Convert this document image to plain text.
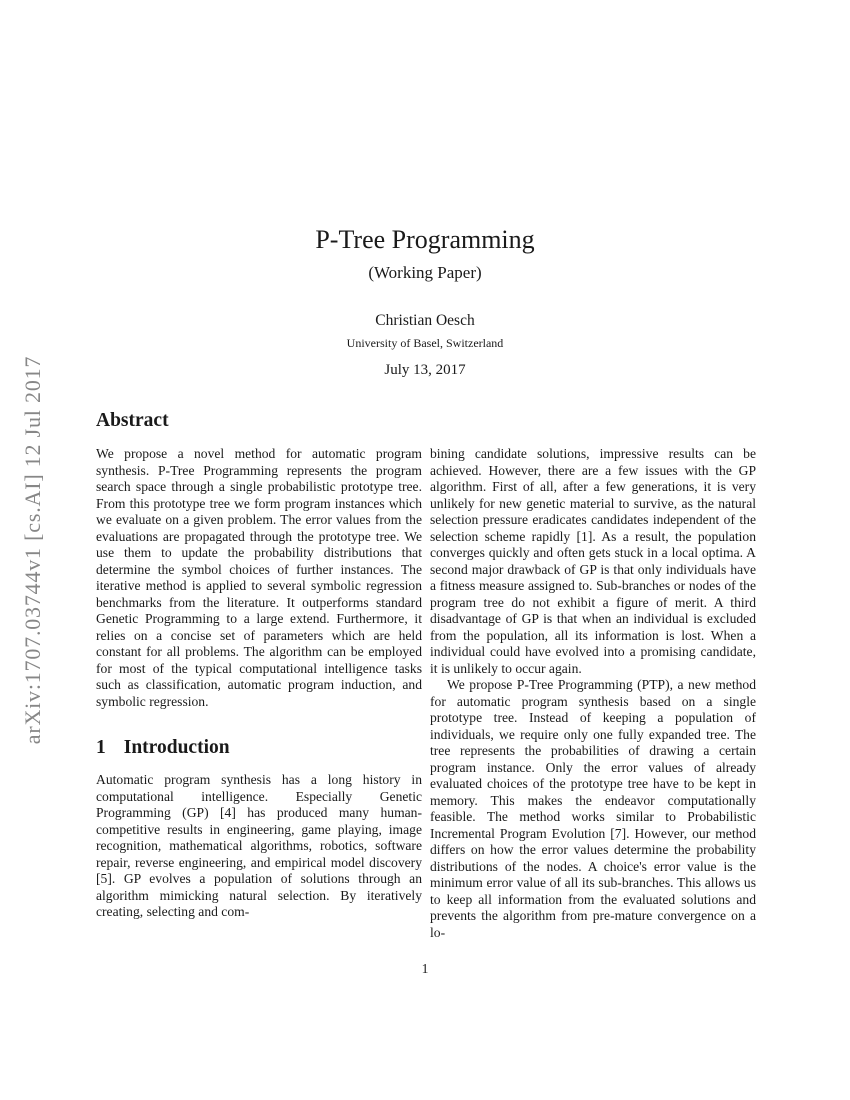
arXiv:1707.03744v1 [cs.AI] 12 Jul 2017
P-Tree Programming
(Working Paper)
Christian Oesch
University of Basel, Switzerland
July 13, 2017
Abstract

We propose a novel method for automatic program synthesis. P-Tree Programming represents the program search space through a single probabilistic prototype tree. From this prototype tree we form program instances which we evaluate on a given problem. The error values from the evaluations are propagated through the prototype tree. We use them to update the probability distributions that determine the symbol choices of further instances. The iterative method is applied to several symbolic regression benchmarks from the literature. It outperforms standard Genetic Programming to a large extend. Furthermore, it relies on a concise set of parameters which are held constant for all problems. The algorithm can be employed for most of the typical computational intelligence tasks such as classification, automatic program induction, and symbolic regression.

1 Introduction

Automatic program synthesis has a long history in computational intelligence. Especially Genetic Programming (GP) [4] has produced many human-competitive results in engineering, game playing, image recognition, mathematical algorithms, robotics, software repair, reverse engineering, and empirical model discovery [5]. GP evolves a population of solutions through an algorithm mimicking natural selection. By iteratively creating, selecting and com-

bining candidate solutions, impressive results can be achieved. However, there are a few issues with the GP algorithm. First of all, after a few generations, it is very unlikely for new genetic material to survive, as the natural selection pressure eradicates candidates independent of the selection scheme rapidly [1]. As a result, the population converges quickly and often gets stuck in a local optima. A second major drawback of GP is that only individuals have a fitness measure assigned to. Sub-branches or nodes of the program tree do not exhibit a figure of merit. A third disadvantage of GP is that when an individual is excluded from the population, all its information is lost. When a individual could have evolved into a promising candidate, it is unlikely to occur again.

We propose P-Tree Programming (PTP), a new method for automatic program synthesis based on a single prototype tree. Instead of keeping a population of individuals, we require only one fully expanded tree. The tree represents the probabilities of drawing a certain program instance. Only the error values of already evaluated choices of the prototype tree have to be kept in memory. This makes the endeavor computationally feasible. The method works similar to Probabilistic Incremental Program Evolution [7]. However, our method differs on how the error values determine the probability distributions of the nodes. A choice's error value is the minimum error value of all its sub-branches. This allows us to keep all information from the evaluated solutions and prevents the algorithm from pre-mature convergence on a lo-

1
